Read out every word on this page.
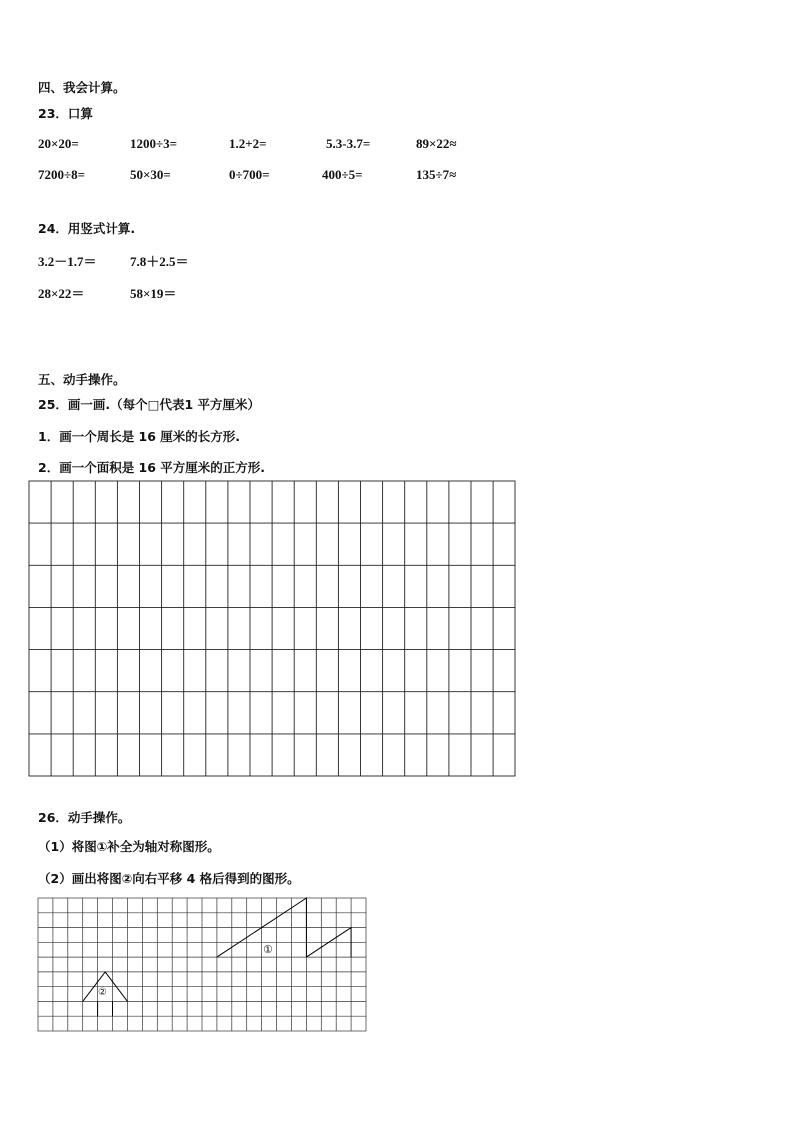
四、我会计算。
23．口算
20×20=	1200÷3=	1.2+2=	5.3-3.7=	89×22≈
7200÷8=	50×30=	0÷700=	400÷5=	135÷7≈
24．用竖式计算.
3.2－1.7＝	7.8＋2.5＝
28×22＝	58×19＝
五、动手操作。
25．画一画.（每个□代表1 平方厘米）
1．画一个周长是 16 厘米的长方形.
2．画一个面积是 16 平方厘米的正方形.
26．动手操作。
（1）将图①补全为轴对称图形。
（2）画出将图②向右平移 4 格后得到的图形。
①
②
